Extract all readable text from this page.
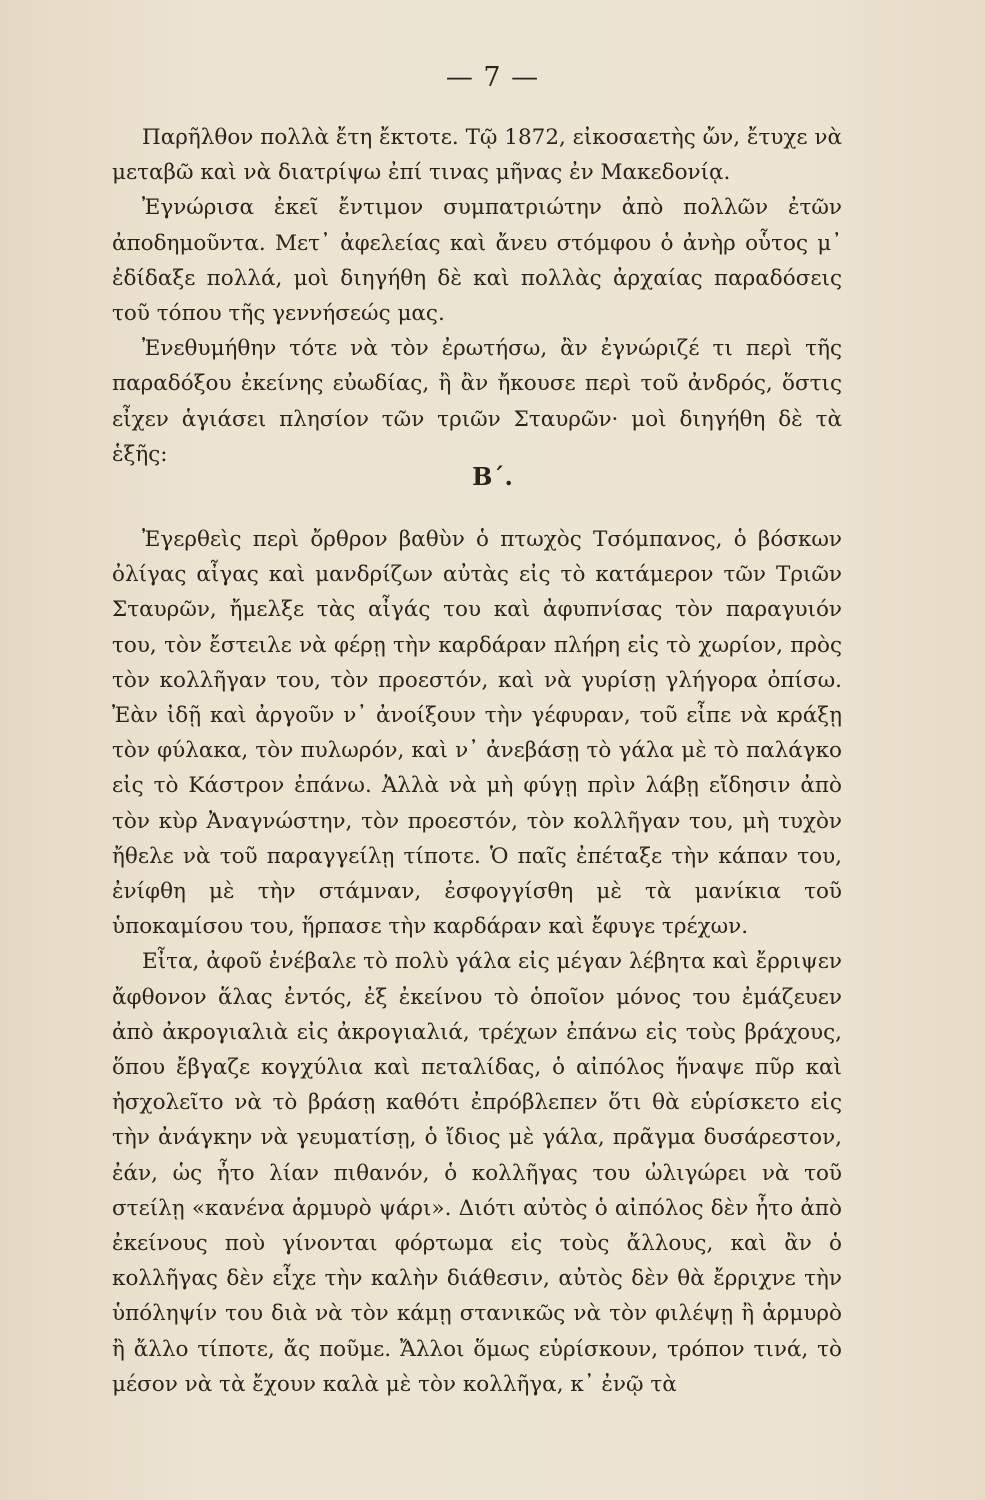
— 7 —

Παρῆλθον πολλὰ ἔτη ἔκτοτε. Τῷ 1872, εἰκοσαετὴς ὤν, ἔτυχε νὰ μεταβῶ καὶ νὰ διατρίψω ἐπί τινας μῆνας ἐν Μακεδονίᾳ.

Ἐγνώρισα ἐκεῖ ἔντιμον συμπατριώτην ἀπὸ πολλῶν ἐτῶν ἀποδημοῦντα. Μετ᾽ ἀφελείας καὶ ἄνευ στόμφου ὁ ἀνὴρ οὗτος μ᾽ ἐδίδαξε πολλά, μοὶ διηγήθη δὲ καὶ πολλὰς ἀρχαίας παραδόσεις τοῦ τόπου τῆς γεννήσεώς μας.

Ἐνεθυμήθην τότε νὰ τὸν ἐρωτήσω, ἂν ἐγνώριζέ τι περὶ τῆς παραδόξου ἐκείνης εὐωδίας, ἢ ἂν ἤκουσε περὶ τοῦ ἀνδρός, ὅστις εἶχεν ἁγιάσει πλησίον τῶν τριῶν Σταυρῶν· μοὶ διηγήθη δὲ τὰ ἑξῆς:

Β΄.

Ἐγερθεὶς περὶ ὄρθρον βαθὺν ὁ πτωχὸς Τσόμπανος, ὁ βόσκων ὀλίγας αἶγας καὶ μανδρίζων αὐτὰς εἰς τὸ κατάμερον τῶν Τριῶν Σταυρῶν, ἤμελξε τὰς αἶγάς του καὶ ἀφυπνίσας τὸν παραγυιόν του, τὸν ἔστειλε νὰ φέρῃ τὴν καρδάραν πλήρη εἰς τὸ χωρίον, πρὸς τὸν κολλῆγαν του, τὸν προεστόν, καὶ νὰ γυρίσῃ γλήγορα ὀπίσω. Ἐὰν ἰδῇ καὶ ἀργοῦν ν᾽ ἀνοίξουν τὴν γέφυραν, τοῦ εἶπε νὰ κράξῃ τὸν φύλακα, τὸν πυλωρόν, καὶ ν᾽ ἀνεβάσῃ τὸ γάλα μὲ τὸ παλάγκο εἰς τὸ Κάστρον ἐπάνω. Ἀλλὰ νὰ μὴ φύγῃ πρὶν λάβῃ εἴδησιν ἀπὸ τὸν κὺρ Ἀναγνώστην, τὸν προεστόν, τὸν κολλῆγαν του, μὴ τυχὸν ἤθελε νὰ τοῦ παραγγείλῃ τίποτε. Ὁ παῖς ἐπέταξε τὴν κάπαν του, ἐνίφθη μὲ τὴν στάμναν, ἐσφογγίσθη μὲ τὰ μανίκια τοῦ ὑποκαμίσου του, ἥρπασε τὴν καρδάραν καὶ ἔφυγε τρέχων.

Εἶτα, ἀφοῦ ἐνέβαλε τὸ πολὺ γάλα εἰς μέγαν λέβητα καὶ ἔρριψεν ἄφθονον ἅλας ἐντός, ἐξ ἐκείνου τὸ ὁποῖον μόνος του ἐμάζευεν ἀπὸ ἀκρογιαλιὰ εἰς ἀκρογιαλιά, τρέχων ἐπάνω εἰς τοὺς βράχους, ὅπου ἔβγαζε κογχύλια καὶ πεταλίδας, ὁ αἰπόλος ἥναψε πῦρ καὶ ἠσχολεῖτο νὰ τὸ βράσῃ καθότι ἐπρόβλεπεν ὅτι θὰ εὑρίσκετο εἰς τὴν ἀνάγκην νὰ γευματίσῃ, ὁ ἴδιος μὲ γάλα, πρᾶγμα δυσάρεστον, ἐάν, ὡς ἦτο λίαν πιθανόν, ὁ κολλῆγας του ὠλιγώρει νὰ τοῦ στείλῃ «κανένα ἁρμυρὸ ψάρι». Διότι αὐτὸς ὁ αἰπόλος δὲν ἦτο ἀπὸ ἐκείνους ποὺ γίνονται φόρτωμα εἰς τοὺς ἄλλους, καὶ ἂν ὁ κολλῆγας δὲν εἶχε τὴν καλὴν διάθεσιν, αὐτὸς δὲν θὰ ἔρριχνε τὴν ὑπόληψίν του διὰ νὰ τὸν κάμῃ στανικῶς νὰ τὸν φιλέψῃ ἢ ἁρμυρὸ ἢ ἄλλο τίποτε, ἄς ποῦμε. Ἄλλοι ὅμως εὑρίσκουν, τρόπον τινά, τὸ μέσον νὰ τὰ ἔχουν καλὰ μὲ τὸν κολλῆγα, κ᾽ ἐνῷ τὰ
